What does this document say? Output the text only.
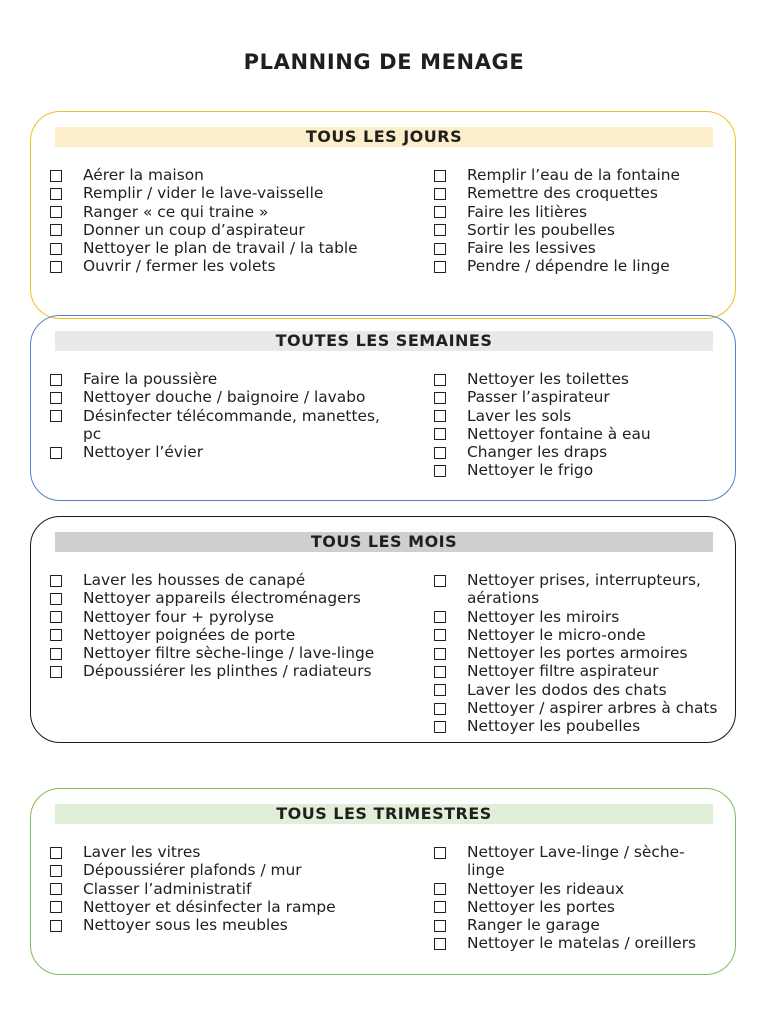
PLANNING DE MENAGE
TOUS LES JOURS
Aérer la maison
Remplir / vider le lave-vaisselle
Ranger « ce qui traine »
Donner un coup d’aspirateur
Nettoyer le plan de travail / la table
Ouvrir / fermer les volets
Remplir l’eau de la fontaine
Remettre des croquettes
Faire les litières
Sortir les poubelles
Faire les lessives
Pendre / dépendre le linge
TOUTES LES SEMAINES
Faire la poussière
Nettoyer douche / baignoire / lavabo
Désinfecter télécommande, manettes, pc
Nettoyer l’évier
Nettoyer les toilettes
Passer l’aspirateur
Laver les sols
Nettoyer fontaine à eau
Changer les draps
Nettoyer le frigo
TOUS LES MOIS
Laver les housses de canapé
Nettoyer appareils électroménagers
Nettoyer four + pyrolyse
Nettoyer poignées de porte
Nettoyer filtre sèche-linge / lave-linge
Dépoussiérer les plinthes / radiateurs
Nettoyer prises, interrupteurs, aérations
Nettoyer les miroirs
Nettoyer le micro-onde
Nettoyer les portes armoires
Nettoyer filtre aspirateur
Laver les dodos des chats
Nettoyer / aspirer arbres à chats
Nettoyer les poubelles
TOUS LES TRIMESTRES
Laver les vitres
Dépoussiérer plafonds / mur
Classer l’administratif
Nettoyer et désinfecter la rampe
Nettoyer sous les meubles
Nettoyer Lave-linge / sèche-linge
Nettoyer les rideaux
Nettoyer les portes
Ranger le garage
Nettoyer le matelas / oreillers
